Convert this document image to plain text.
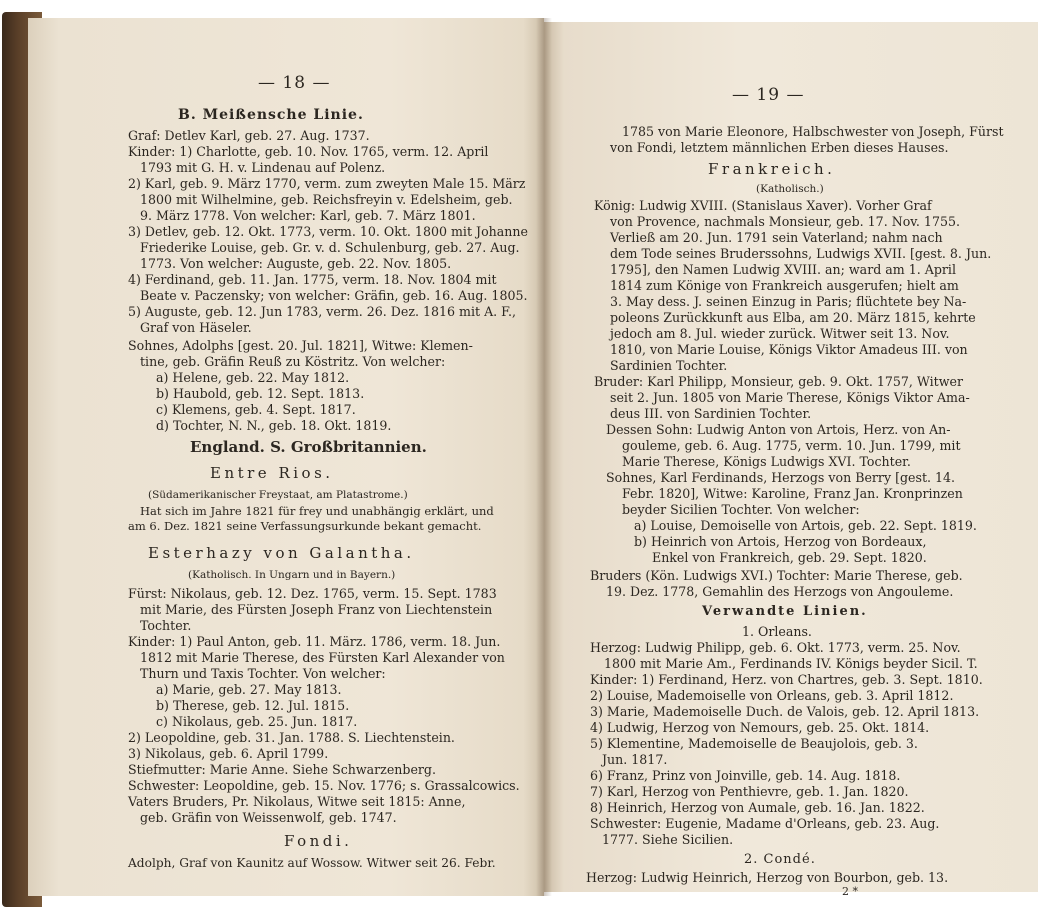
— 18 —
B. Meißensche Linie.
Graf: Detlev Karl, geb. 27. Aug. 1737.
Kinder: 1) Charlotte, geb. 10. Nov. 1765, verm. 12. April
1793 mit G. H. v. Lindenau auf Polenz.
2) Karl, geb. 9. März 1770, verm. zum zweyten Male 15. März
1800 mit Wilhelmine, geb. Reichsfreyin v. Edelsheim, geb.
9. März 1778. Von welcher: Karl, geb. 7. März 1801.
3) Detlev, geb. 12. Okt. 1773, verm. 10. Okt. 1800 mit Johanne
Friederike Louise, geb. Gr. v. d. Schulenburg, geb. 27. Aug.
1773. Von welcher: Auguste, geb. 22. Nov. 1805.
4) Ferdinand, geb. 11. Jan. 1775, verm. 18. Nov. 1804 mit
Beate v. Paczensky; von welcher: Gräfin, geb. 16. Aug. 1805.
5) Auguste, geb. 12. Jun 1783, verm. 26. Dez. 1816 mit A. F.,
Graf von Häseler.
Sohnes, Adolphs [gest. 20. Jul. 1821], Witwe: Klemen-
tine, geb. Gräfin Reuß zu Köstritz. Von welcher:
a) Helene, geb. 22. May 1812.
b) Haubold, geb. 12. Sept. 1813.
c) Klemens, geb. 4. Sept. 1817.
d) Tochter, N. N., geb. 18. Okt. 1819.
England. S. Großbritannien.
Entre Rios.
(Südamerikanischer Freystaat, am Platastrome.)
Hat sich im Jahre 1821 für frey und unabhängig erklärt, und
am 6. Dez. 1821 seine Verfassungsurkunde bekant gemacht.
Esterhazy von Galantha.
(Katholisch. In Ungarn und in Bayern.)
Fürst: Nikolaus, geb. 12. Dez. 1765, verm. 15. Sept. 1783
mit Marie, des Fürsten Joseph Franz von Liechtenstein
Tochter.
Kinder: 1) Paul Anton, geb. 11. März. 1786, verm. 18. Jun.
1812 mit Marie Therese, des Fürsten Karl Alexander von
Thurn und Taxis Tochter. Von welcher:
a) Marie, geb. 27. May 1813.
b) Therese, geb. 12. Jul. 1815.
c) Nikolaus, geb. 25. Jun. 1817.
2) Leopoldine, geb. 31. Jan. 1788. S. Liechtenstein.
3) Nikolaus, geb. 6. April 1799.
Stiefmutter: Marie Anne. Siehe Schwarzenberg.
Schwester: Leopoldine, geb. 15. Nov. 1776; s. Grassalcowics.
Vaters Bruders, Pr. Nikolaus, Witwe seit 1815: Anne,
geb. Gräfin von Weissenwolf, geb. 1747.
Fondi.
Adolph, Graf von Kaunitz auf Wossow. Witwer seit 26. Febr.
— 19 —
1785 von Marie Eleonore, Halbschwester von Joseph, Fürst
von Fondi, letztem männlichen Erben dieses Hauses.
Frankreich.
(Katholisch.)
König: Ludwig XVIII. (Stanislaus Xaver). Vorher Graf
von Provence, nachmals Monsieur, geb. 17. Nov. 1755.
Verließ am 20. Jun. 1791 sein Vaterland; nahm nach
dem Tode seines Bruderssohns, Ludwigs XVII. [gest. 8. Jun.
1795], den Namen Ludwig XVIII. an; ward am 1. April
1814 zum Könige von Frankreich ausgerufen; hielt am
3. May dess. J. seinen Einzug in Paris; flüchtete bey Na-
poleons Zurückkunft aus Elba, am 20. März 1815, kehrte
jedoch am 8. Jul. wieder zurück. Witwer seit 13. Nov.
1810, von Marie Louise, Königs Viktor Amadeus III. von
Sardinien Tochter.
Bruder: Karl Philipp, Monsieur, geb. 9. Okt. 1757, Witwer
seit 2. Jun. 1805 von Marie Therese, Königs Viktor Ama-
deus III. von Sardinien Tochter.
Dessen Sohn: Ludwig Anton von Artois, Herz. von An-
gouleme, geb. 6. Aug. 1775, verm. 10. Jun. 1799, mit
Marie Therese, Königs Ludwigs XVI. Tochter.
Sohnes, Karl Ferdinands, Herzogs von Berry [gest. 14.
Febr. 1820], Witwe: Karoline, Franz Jan. Kronprinzen
beyder Sicilien Tochter. Von welcher:
a) Louise, Demoiselle von Artois, geb. 22. Sept. 1819.
b) Heinrich von Artois, Herzog von Bordeaux,
Enkel von Frankreich, geb. 29. Sept. 1820.
Bruders (Kön. Ludwigs XVI.) Tochter: Marie Therese, geb.
19. Dez. 1778, Gemahlin des Herzogs von Angouleme.
Verwandte Linien.
1. Orleans.
Herzog: Ludwig Philipp, geb. 6. Okt. 1773, verm. 25. Nov.
1800 mit Marie Am., Ferdinands IV. Königs beyder Sicil. T.
Kinder: 1) Ferdinand, Herz. von Chartres, geb. 3. Sept. 1810.
2) Louise, Mademoiselle von Orleans, geb. 3. April 1812.
3) Marie, Mademoiselle Duch. de Valois, geb. 12. April 1813.
4) Ludwig, Herzog von Nemours, geb. 25. Okt. 1814.
5) Klementine, Mademoiselle de Beaujolois, geb. 3.
Jun. 1817.
6) Franz, Prinz von Joinville, geb. 14. Aug. 1818.
7) Karl, Herzog von Penthievre, geb. 1. Jan. 1820.
8) Heinrich, Herzog von Aumale, geb. 16. Jan. 1822.
Schwester: Eugenie, Madame d'Orleans, geb. 23. Aug.
1777. Siehe Sicilien.
2. Condé.
Herzog: Ludwig Heinrich, Herzog von Bourbon, geb. 13.
2 *
